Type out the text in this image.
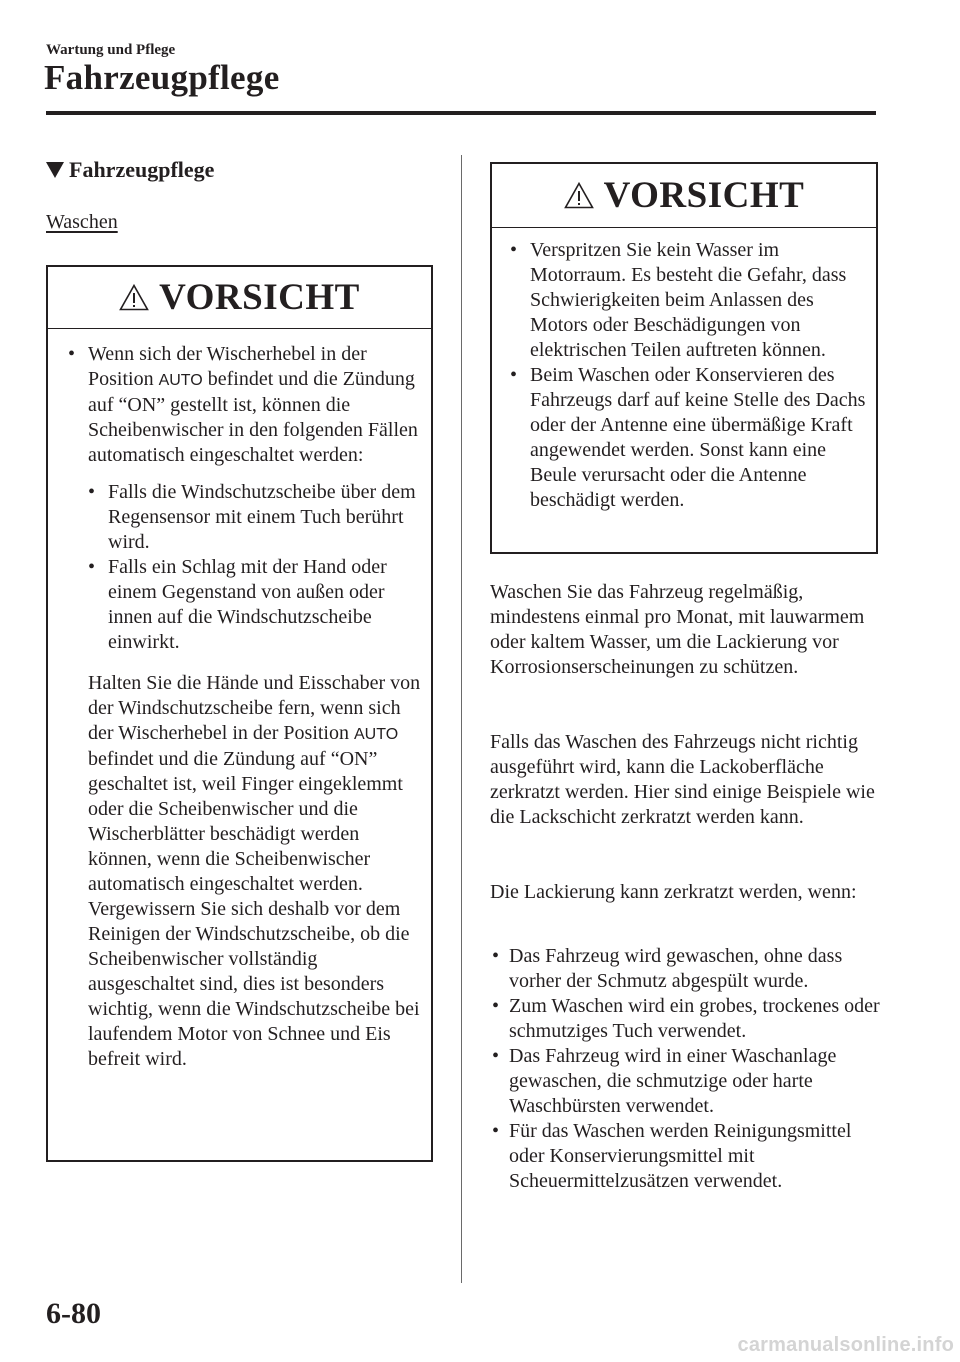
Wartung und Pflege
Fahrzeugpflege
Fahrzeugpflege
Waschen
VORSICHT
• Wenn sich der Wischerhebel in der Position AUTO befindet und die Zündung auf “ON” gestellt ist, können die Scheibenwischer in den folgenden Fällen automatisch eingeschaltet werden:
• Falls die Windschutzscheibe über dem Regensensor mit einem Tuch berührt wird.
• Falls ein Schlag mit der Hand oder einem Gegenstand von außen oder innen auf die Windschutzscheibe einwirkt.
Halten Sie die Hände und Eisschaber von der Windschutzscheibe fern, wenn sich der Wischerhebel in der Position AUTO befindet und die Zündung auf “ON” geschaltet ist, weil Finger eingeklemmt oder die Scheibenwischer und die Wischerblätter beschädigt werden können, wenn die Scheibenwischer automatisch eingeschaltet werden. Vergewissern Sie sich deshalb vor dem Reinigen der Windschutzscheibe, ob die Scheibenwischer vollständig ausgeschaltet sind, dies ist besonders wichtig, wenn die Windschutzscheibe bei laufendem Motor von Schnee und Eis befreit wird.
VORSICHT
• Verspritzen Sie kein Wasser im Motorraum. Es besteht die Gefahr, dass Schwierigkeiten beim Anlassen des Motors oder Beschädigungen von elektrischen Teilen auftreten können.
• Beim Waschen oder Konservieren des Fahrzeugs darf auf keine Stelle des Dachs oder der Antenne eine übermäßige Kraft angewendet werden. Sonst kann eine Beule verursacht oder die Antenne beschädigt werden.
Waschen Sie das Fahrzeug regelmäßig, mindestens einmal pro Monat, mit lauwarmem oder kaltem Wasser, um die Lackierung vor Korrosionserscheinungen zu schützen.
Falls das Waschen des Fahrzeugs nicht richtig ausgeführt wird, kann die Lackoberfläche zerkratzt werden. Hier sind einige Beispiele wie die Lackschicht zerkratzt werden kann.
Die Lackierung kann zerkratzt werden, wenn:
• Das Fahrzeug wird gewaschen, ohne dass vorher der Schmutz abgespült wurde.
• Zum Waschen wird ein grobes, trockenes oder schmutziges Tuch verwendet.
• Das Fahrzeug wird in einer Waschanlage gewaschen, die schmutzige oder harte Waschbürsten verwendet.
• Für das Waschen werden Reinigungsmittel oder Konservierungsmittel mit Scheuermittelzusätzen verwendet.
6-80
carmanualsonline.info
